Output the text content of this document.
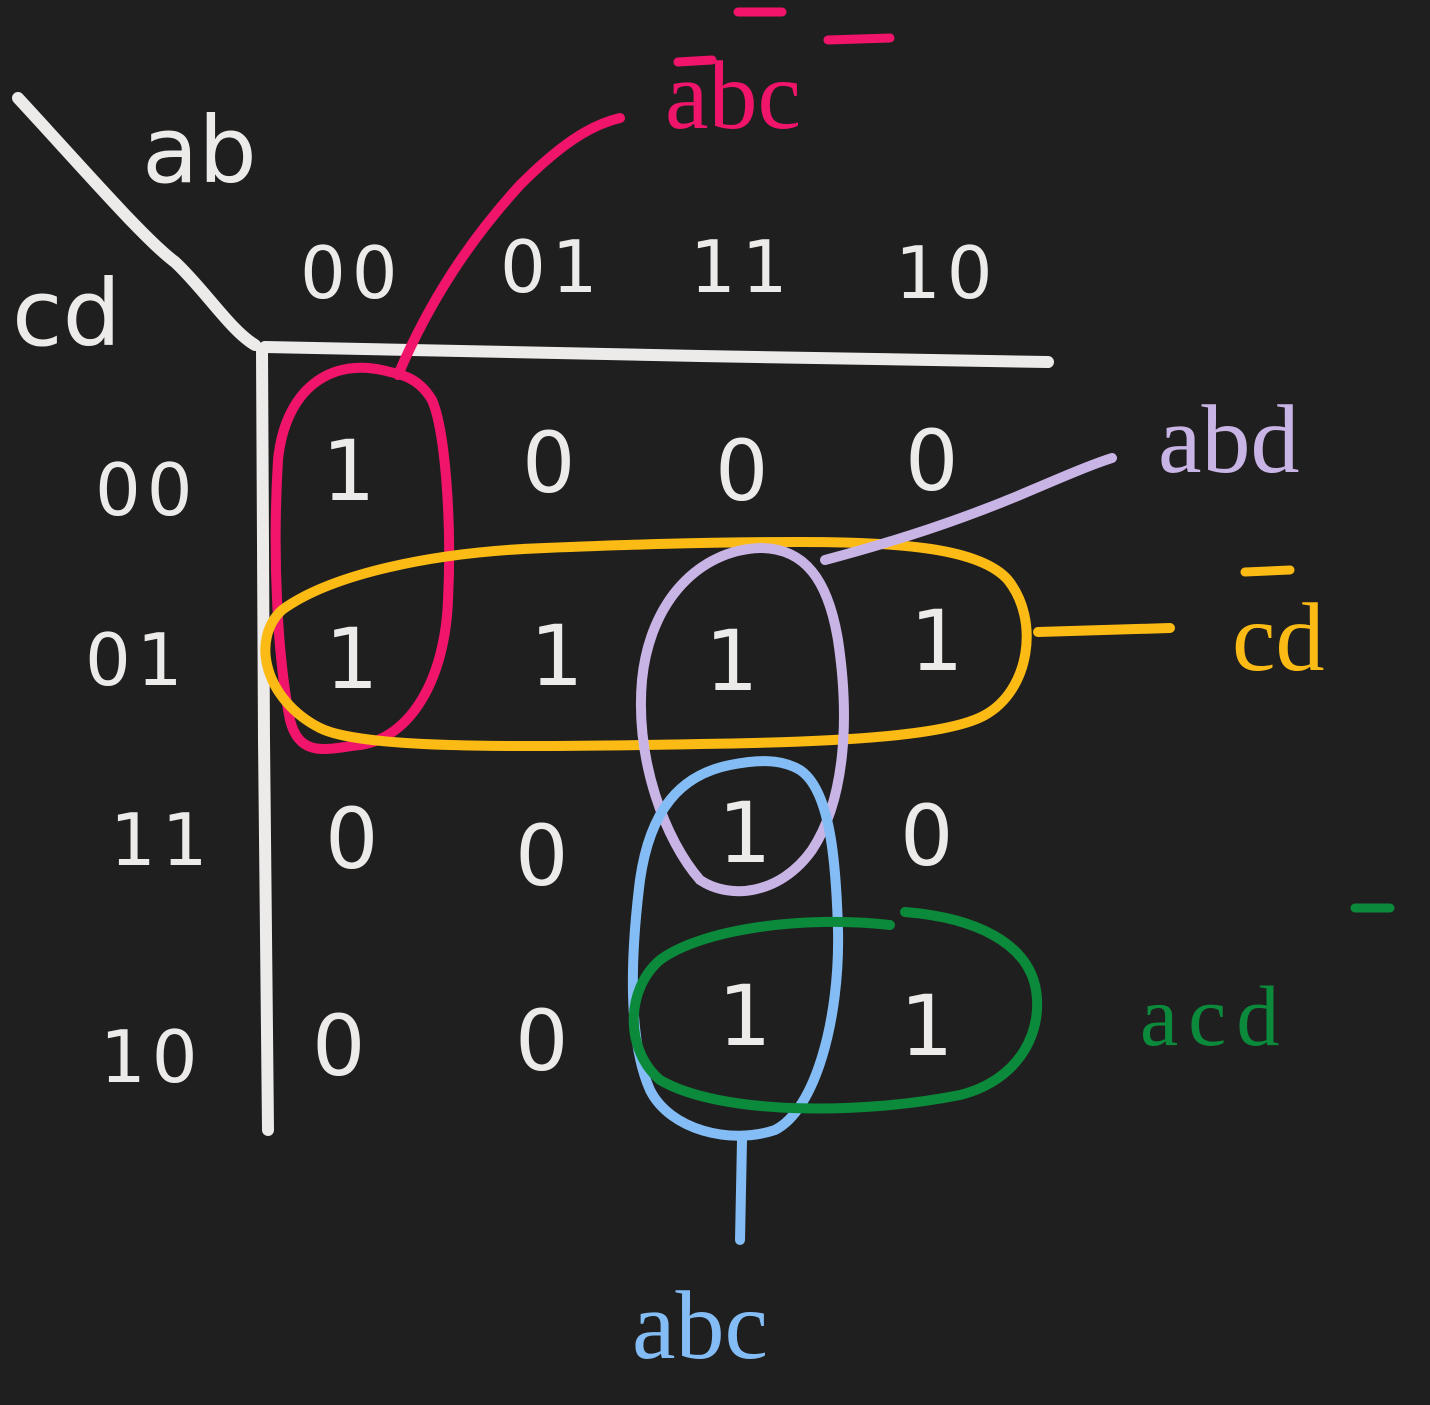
ab
cd 00 01 11 10
00
01
11
10
1 0 0 0
1 1 1 1
0 0 1 0
0 0 1 1
abc
abd
cd
acd
abc
